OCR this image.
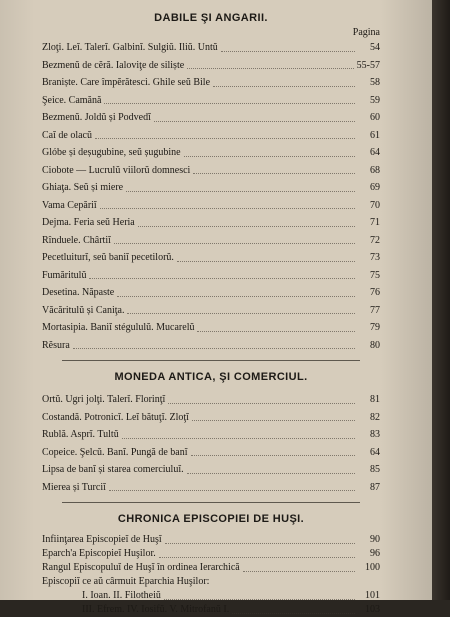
DABILE ŞI ANGARII.
Pagina
Zloţi. Leĭ. Talerĭ. Galbinĭ. Sulgiŭ. Iliŭ. Untŭ	54
Bezmenŭ de cĕră. Ialoviţe de siliște	55-57
Braniște. Care împĕrătesci. Ghile seŭ Bile	58
Şeice. Camănă	59
Bezmenŭ. Joldŭ și Podvedĭ	60
Caĭ de olacŭ	61
Glóbe și deșugubine, seŭ șugubine	64
Ciobote — Lucrulŭ viilorŭ domnesci	68
Ghiaţa. Seŭ și miere	69
Vama Cepăriĭ	70
Dejma. Feria seŭ Heria	71
Rînduele. Chârtiĭ	72
Pecetluiturĭ, seŭ baniĭ pecetilorŭ.	73
Fumăritulŭ	75
Desetina. Năpaste	76
Văcăritulŭ și Caniţa.	77
Mortasipia. Baniĭ stégululŭ. Mucarelŭ	79
Rĕsura	80
MONEDA ANTICA, ŞI COMERCIUL.
Ortŭ. Ugri jolţi. Talerĭ. Florinţĭ	81
Costandă. Potronicĭ. Leĭ bătuţĭ. Zloţĭ	82
Rublă. Asprĭ. Tultŭ	83
Copeice. Şelcŭ. Banĭ. Pungă de banĭ	64
Lipsa de banĭ și starea comerciuluĭ.	85
Mierea și Turciĭ	87
CHRONICA EPISCOPIEI DE HUŞI.
Infiinţarea Episcopieĭ de Huşĭ	90
Eparch'a Episcopieĭ Huşilor.	96
Rangul Episcopuluĭ de Huşĭ în ordinea Ierarchică	100
Episcopiĭ ce aŭ cârmuit Eparchia Huşilor:
I. Ioan. II. Filotheiŭ	101
III. Efrem. IV. Iosifŭ. V. Mitrofanŭ I.	103
